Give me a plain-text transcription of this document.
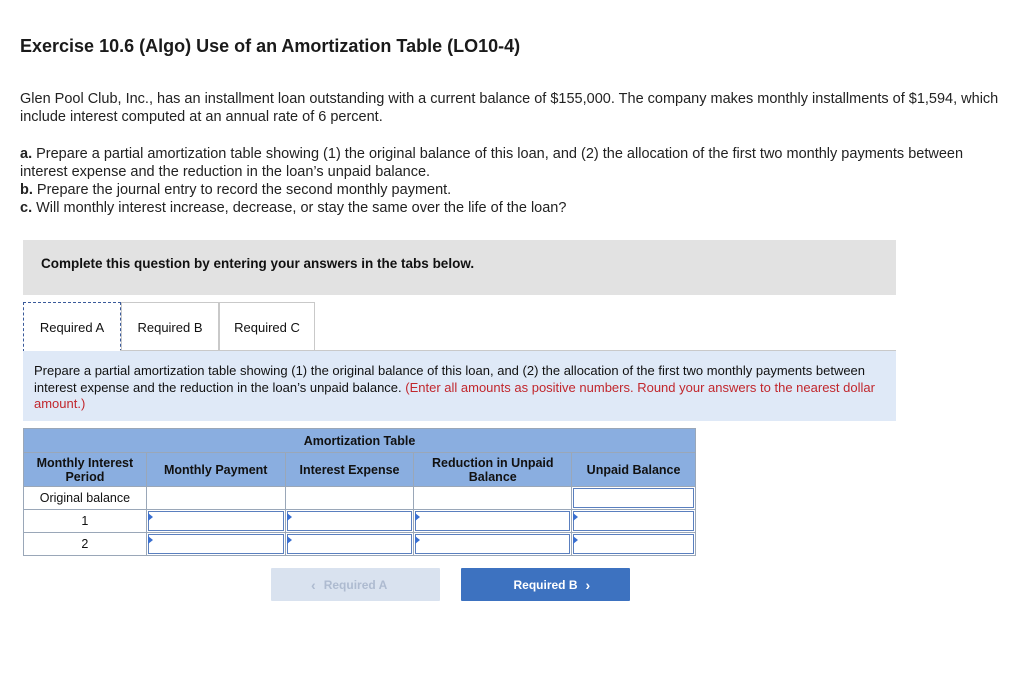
Exercise 10.6 (Algo) Use of an Amortization Table (LO10-4)
Glen Pool Club, Inc., has an installment loan outstanding with a current balance of $155,000. The company makes monthly installments of $1,594, which include interest computed at an annual rate of 6 percent.
a. Prepare a partial amortization table showing (1) the original balance of this loan, and (2) the allocation of the first two monthly payments between interest expense and the reduction in the loan’s unpaid balance.
b. Prepare the journal entry to record the second monthly payment.
c. Will monthly interest increase, decrease, or stay the same over the life of the loan?
Complete this question by entering your answers in the tabs below.
Required A	Required B Required C
Prepare a partial amortization table showing (1) the original balance of this loan, and (2) the allocation of the first two monthly payments between interest expense and the reduction in the loan’s unpaid balance. (Enter all amounts as positive numbers. Round your answers to the nearest dollar amount.)
Amortization Table				
Monthly Interest Period	Monthly Payment	Interest Expense	Reduction in Unpaid Balance	Unpaid Balance
Original balance				
1	

2	

‹ Required A	Required B ›
